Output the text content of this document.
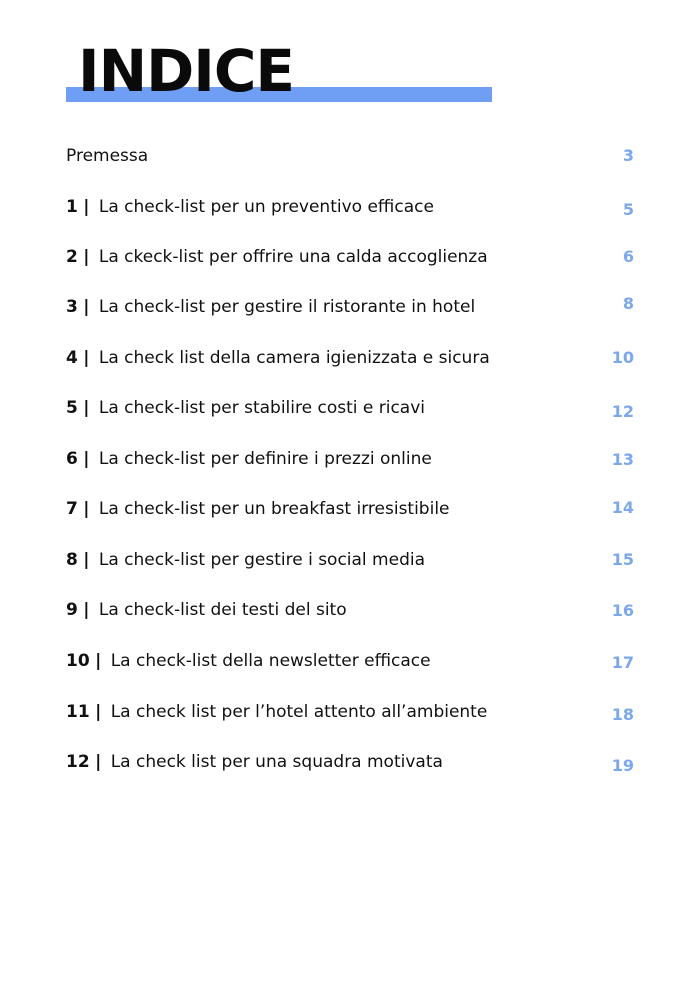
INDICE
Premessa	3
1 | La check-list per un preventivo efficace	5
2 | La ckeck-list per offrire una calda accoglienza	6
3 | La check-list per gestire il ristorante in hotel	8
4 | La check list della camera igienizzata e sicura	10
5 | La check-list per stabilire costi e ricavi	12
6 | La check-list per definire i prezzi online	13
7 | La check-list per un breakfast irresistibile	14
8 | La check-list per gestire i social media	15
9 | La check-list dei testi del sito	16
10 | La check-list della newsletter efficace	17
11 | La check list per l’hotel attento all’ambiente	18
12 | La check list per una squadra motivata	19
